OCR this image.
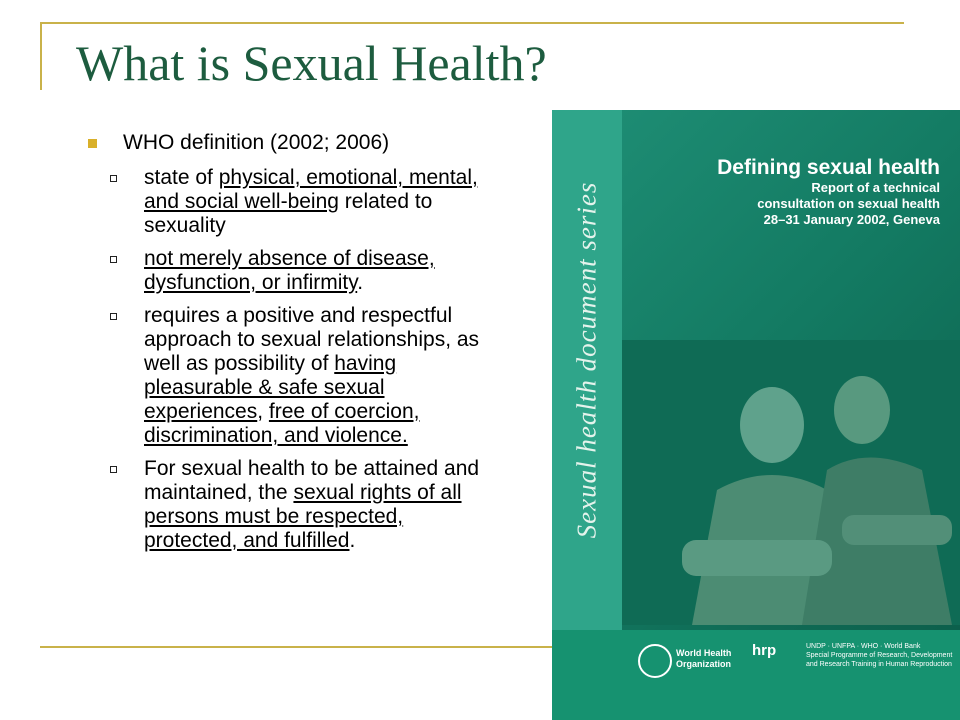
What is Sexual Health?
WHO definition (2002; 2006)
state of physical, emotional, mental, and social well-being related to sexuality
not merely absence of disease, dysfunction, or infirmity.
requires a positive and respectful approach to sexual relationships, as well as possibility of having pleasurable & safe sexual experiences, free of coercion, discrimination, and violence.
For sexual health to be attained and maintained, the sexual rights of all persons must be respected, protected, and fulfilled.
Sexual health document series
Defining sexual health
Report of a technical
consultation on sexual health
28–31 January 2002, Geneva
World Health
Organization
hrp	UNDP · UNFPA · WHO · World Bank
Special Programme of Research, Development
and Research Training in Human Reproduction
